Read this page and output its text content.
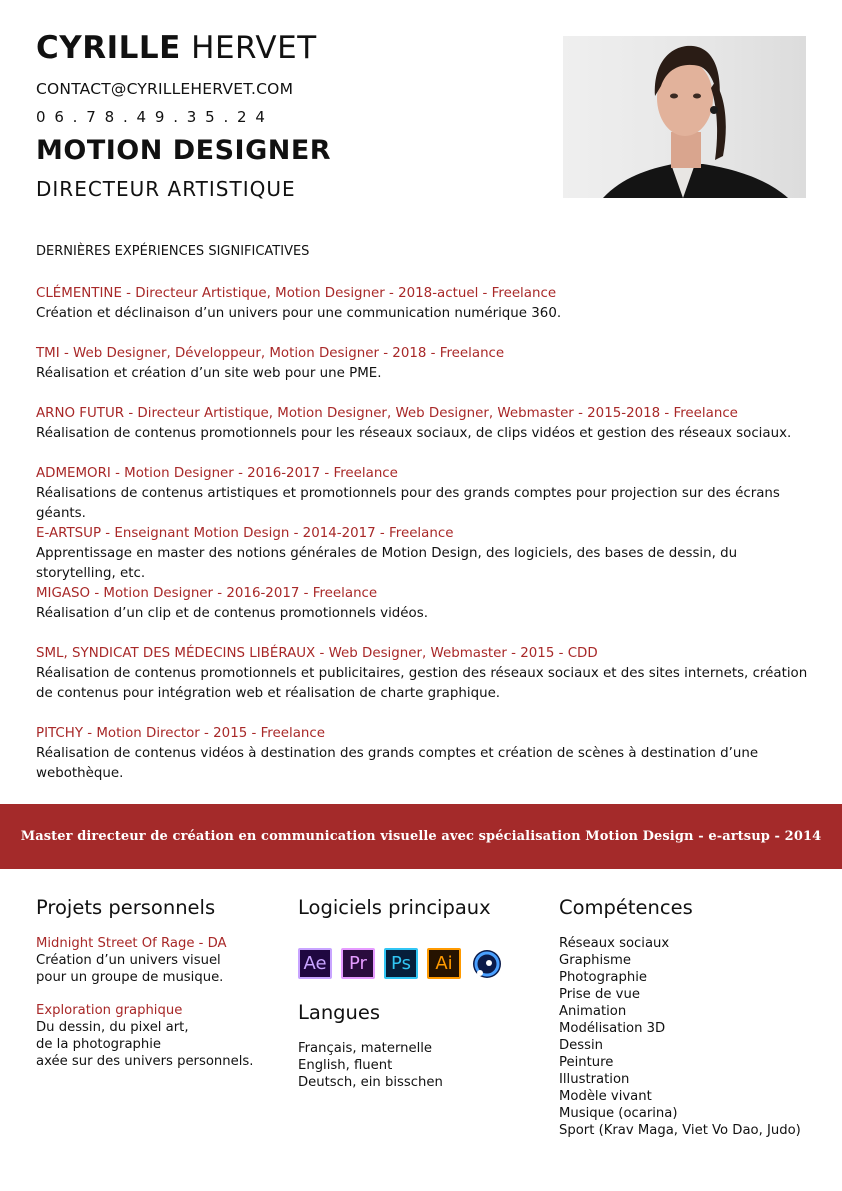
CYRILLE HERVET
CONTACT@CYRILLEHERVET.COM
06.78.49.35.24
MOTION DESIGNER
DIRECTEUR ARTISTIQUE
DERNIÈRES EXPÉRIENCES SIGNIFICATIVES
CLÉMENTINE - Directeur Artistique, Motion Designer - 2018-actuel - Freelance
Création et déclinaison d’un univers pour une communication numérique 360.
TMI - Web Designer, Développeur, Motion Designer - 2018 - Freelance
Réalisation et création d’un site web pour une PME.
ARNO FUTUR - Directeur Artistique, Motion Designer, Web Designer, Webmaster - 2015-2018 - Freelance
Réalisation de contenus promotionnels pour les réseaux sociaux, de clips vidéos et gestion des réseaux sociaux.
ADMEMORI - Motion Designer - 2016-2017 - Freelance
Réalisations de contenus artistiques et promotionnels pour des grands comptes pour projection sur des écrans géants.
E-ARTSUP - Enseignant Motion Design - 2014-2017 - Freelance
Apprentissage en master des notions générales de Motion Design, des logiciels, des bases de dessin, du storytelling, etc.
MIGASO - Motion Designer - 2016-2017 - Freelance
Réalisation d’un clip et de contenus promotionnels vidéos.
SML, SYNDICAT DES MÉDECINS LIBÉRAUX - Web Designer, Webmaster - 2015 - CDD
Réalisation de contenus promotionnels et publicitaires, gestion des réseaux sociaux et des sites internets, création de contenus pour intégration web et réalisation de charte graphique.
PITCHY - Motion Director - 2015 - Freelance
Réalisation de contenus vidéos à destination des grands comptes et création de scènes à destination d’une webothèque.
Master directeur de création en communication visuelle avec spécialisation Motion Design - e-artsup - 2014
Projets personnels
Midnight Street Of Rage - DA
Création d’un univers visuel
pour un groupe de musique.
Exploration graphique
Du dessin, du pixel art,
de la photographie
axée sur des univers personnels.
Logiciels principaux
Ae	Pr	Ps	Ai
Langues
Français, maternelle
English, fluent
Deutsch, ein bisschen
Compétences
Réseaux sociaux
Graphisme
Photographie
Prise de vue
Animation
Modélisation 3D
Dessin
Peinture
Illustration
Modèle vivant
Musique (ocarina)
Sport (Krav Maga, Viet Vo Dao, Judo)
